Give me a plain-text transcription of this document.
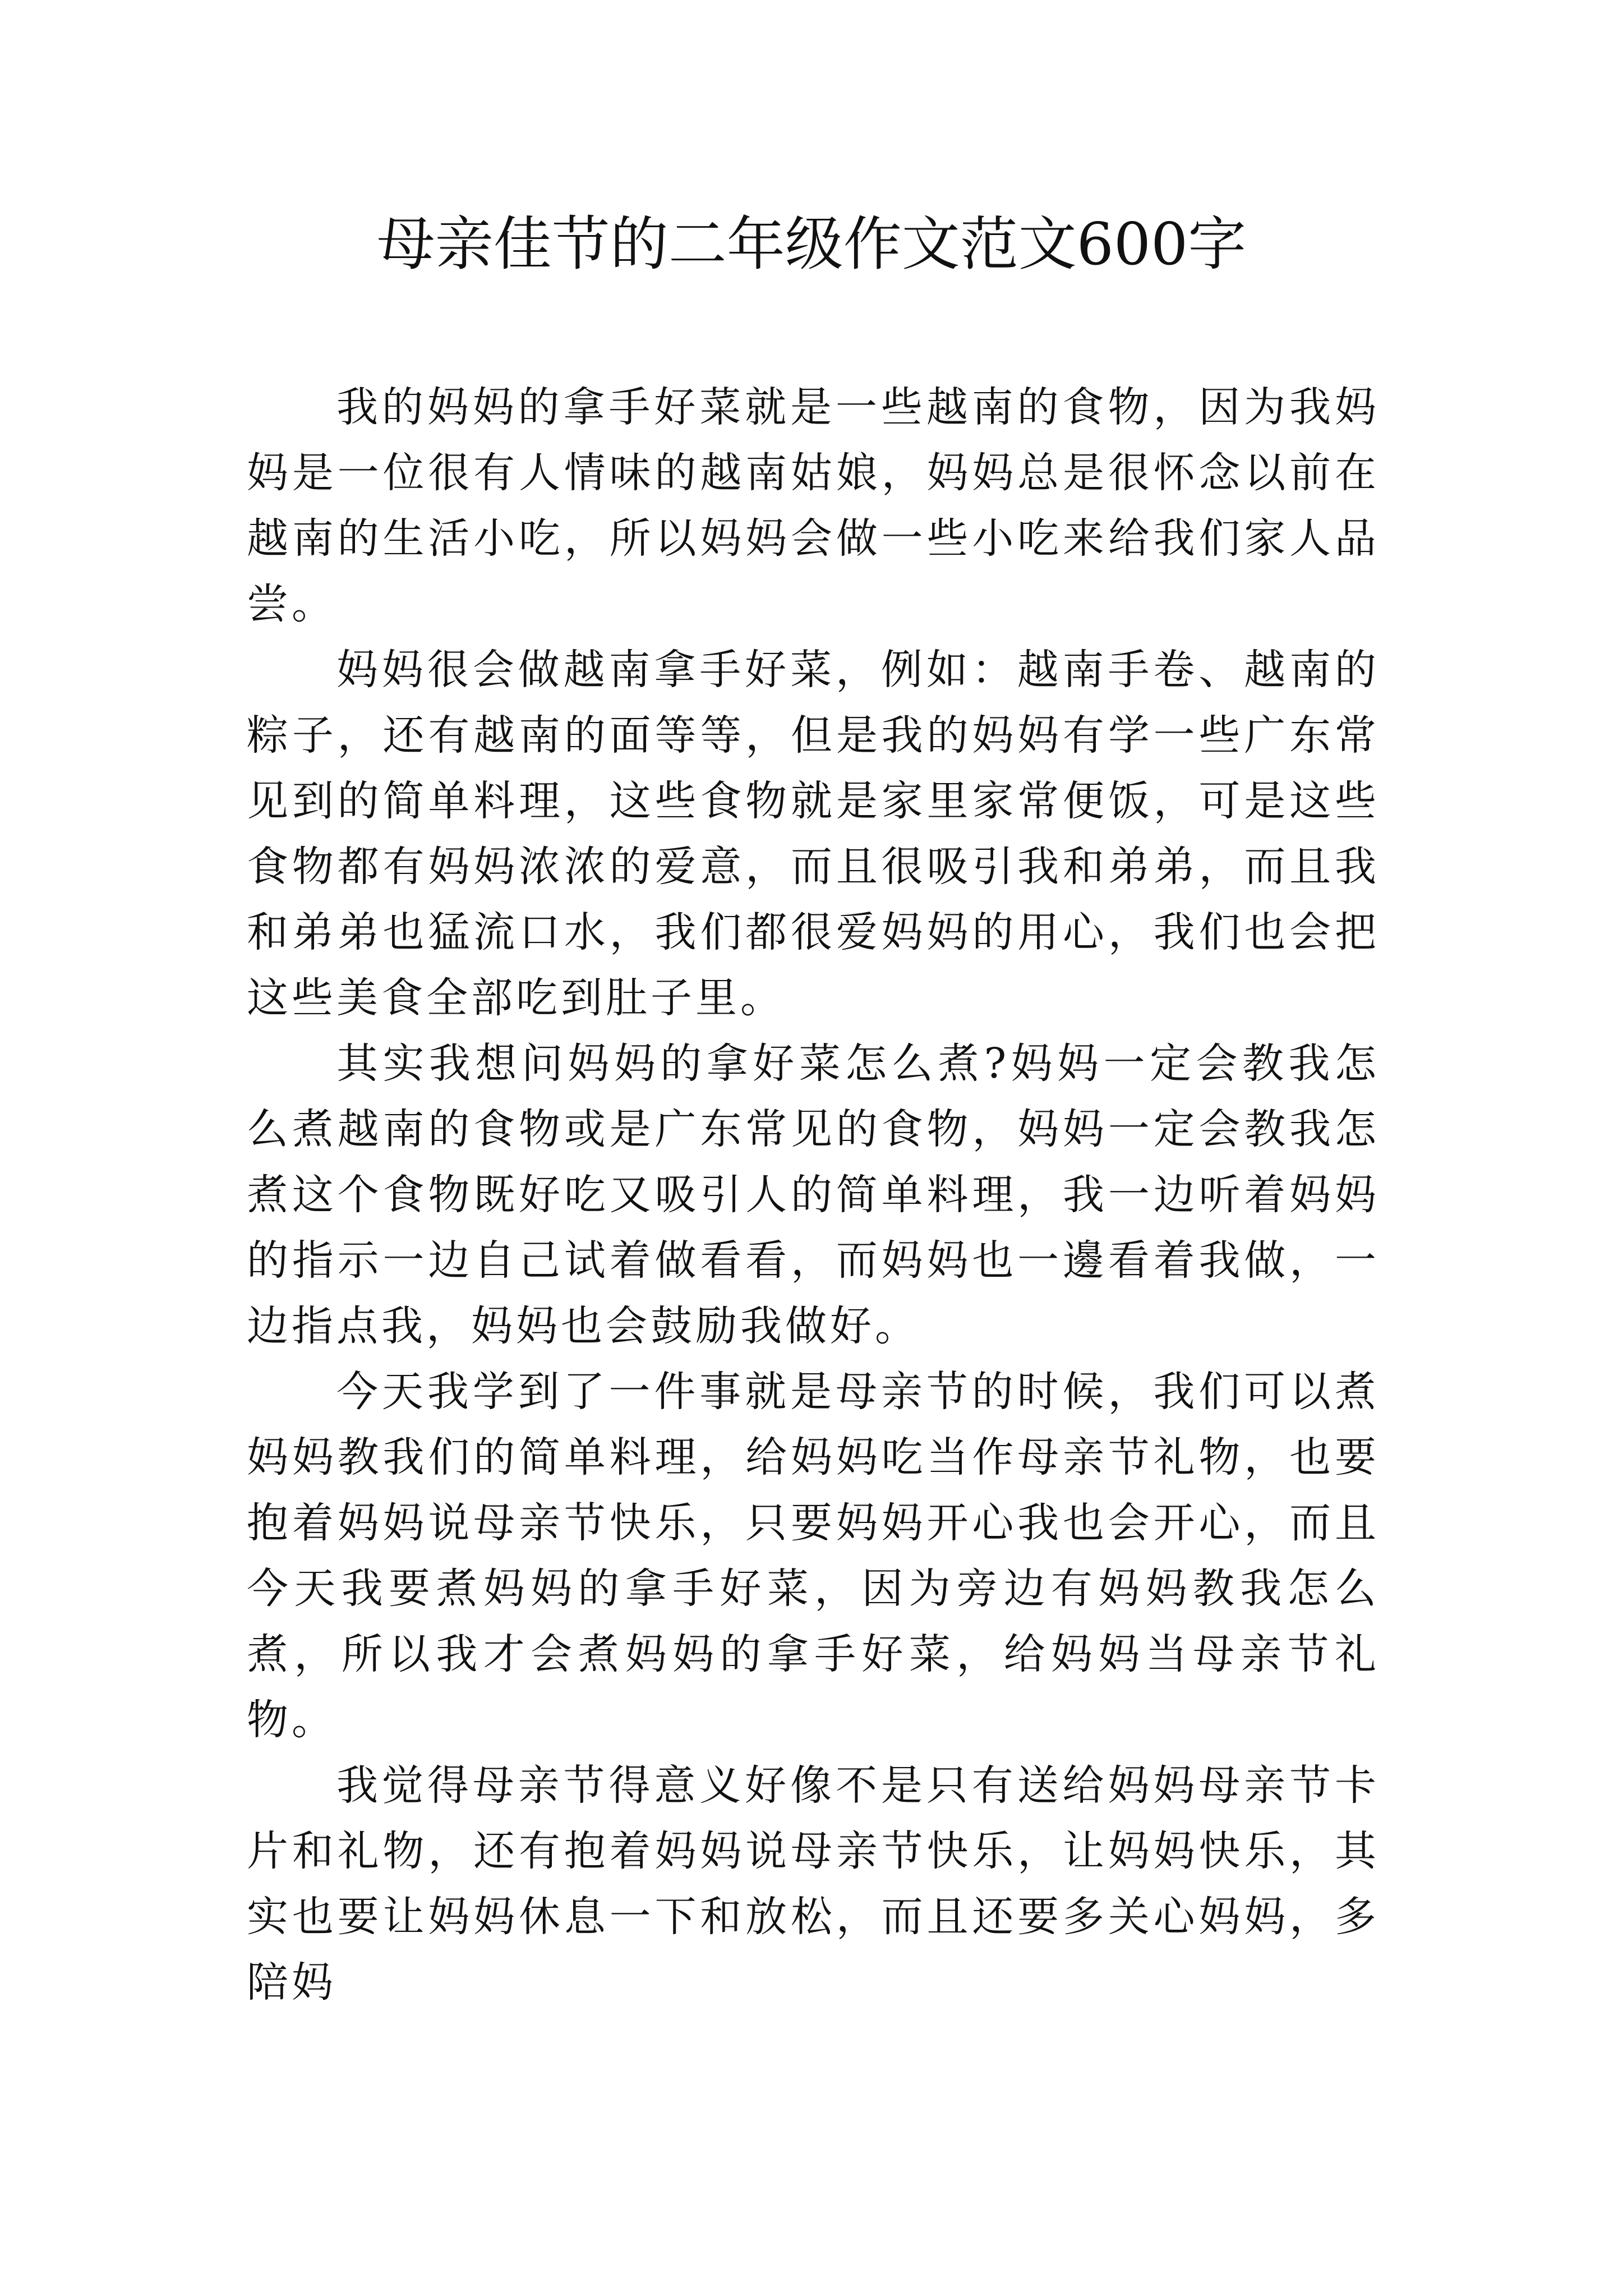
母亲佳节的二年级作文范文600字

我的妈妈的拿手好菜就是一些越南的食物，因为我妈妈是一位很有人情味的越南姑娘，妈妈总是很怀念以前在越南的生活小吃，所以妈妈会做一些小吃来给我们家人品尝。

妈妈很会做越南拿手好菜，例如：越南手卷、越南的粽子，还有越南的面等等，但是我的妈妈有学一些广东常见到的简单料理，这些食物就是家里家常便饭，可是这些食物都有妈妈浓浓的爱意，而且很吸引我和弟弟，而且我和弟弟也猛流口水，我们都很爱妈妈的用心，我们也会把这些美食全部吃到肚子里。

其实我想问妈妈的拿好菜怎么煮?妈妈一定会教我怎么煮越南的食物或是广东常见的食物，妈妈一定会教我怎煮这个食物既好吃又吸引人的简单料理，我一边听着妈妈的指示一边自己试着做看看，而妈妈也一邊看着我做，一边指点我，妈妈也会鼓励我做好。

今天我学到了一件事就是母亲节的时候，我们可以煮妈妈教我们的简单料理，给妈妈吃当作母亲节礼物，也要抱着妈妈说母亲节快乐，只要妈妈开心我也会开心，而且今天我要煮妈妈的拿手好菜，因为旁边有妈妈教我怎么煮，所以我才会煮妈妈的拿手好菜，给妈妈当母亲节礼物。

我觉得母亲节得意义好像不是只有送给妈妈母亲节卡片和礼物，还有抱着妈妈说母亲节快乐，让妈妈快乐，其实也要让妈妈休息一下和放松，而且还要多关心妈妈，多陪妈
